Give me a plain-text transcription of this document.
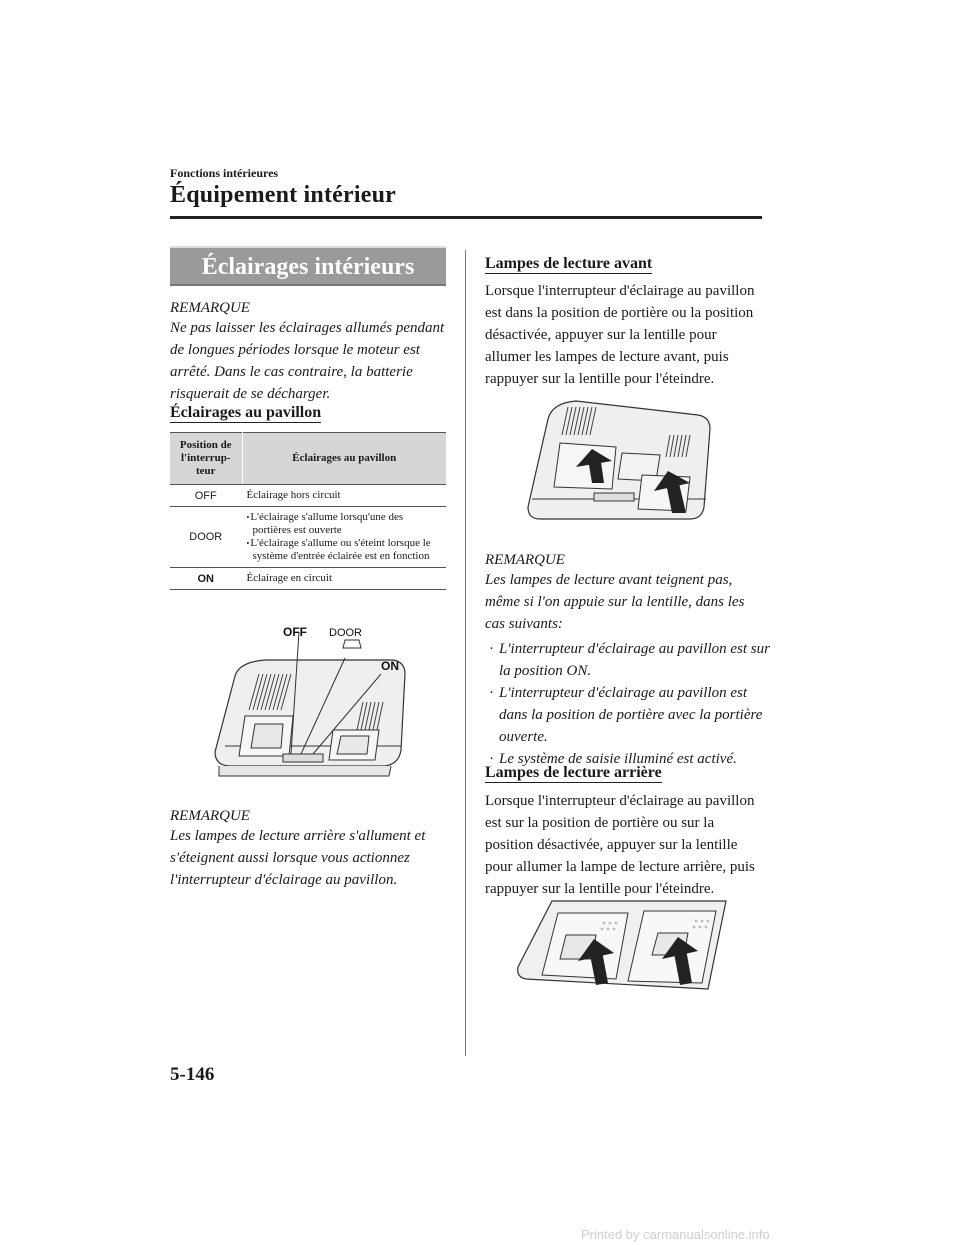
Fonctions intérieures
Équipement intérieur
Éclairages intérieurs
REMARQUE
Ne pas laisser les éclairages allumés pendant de longues périodes lorsque le moteur est arrêté. Dans le cas contraire, la batterie risquerait de se décharger.
Éclairages au pavillon
Position de l'interrup-teur	Éclairages au pavillon
OFF	Éclairage hors circuit
DOOR	• L'éclairage s'allume lorsqu'une des portières est ouverte
• L'éclairage s'allume ou s'éteint lorsque le système d'entrée éclairée est en fonction

ON	Éclairage en circuit
OFF DOOR
ON
REMARQUE
Les lampes de lecture arrière s'allument et s'éteignent aussi lorsque vous actionnez l'interrupteur d'éclairage au pavillon.
Lampes de lecture avant
Lorsque l'interrupteur d'éclairage au pavillon est dans la position de portière ou la position désactivée, appuyer sur la lentille pour allumer les lampes de lecture avant, puis rappuyer sur la lentille pour l'éteindre.
REMARQUE
Les lampes de lecture avant teignent pas, même si l'on appuie sur la lentille, dans les cas suivants:
· L'interrupteur d'éclairage au pavillon est sur la position ON.
· L'interrupteur d'éclairage au pavillon est dans la position de portière avec la portière ouverte.
· Le système de saisie illuminé est activé.
Lampes de lecture arrière
Lorsque l'interrupteur d'éclairage au pavillon est sur la position de portière ou sur la position désactivée, appuyer sur la lentille pour allumer la lampe de lecture arrière, puis rappuyer sur la lentille pour l'éteindre.
5-146
Printed by carmanualsonline.info
